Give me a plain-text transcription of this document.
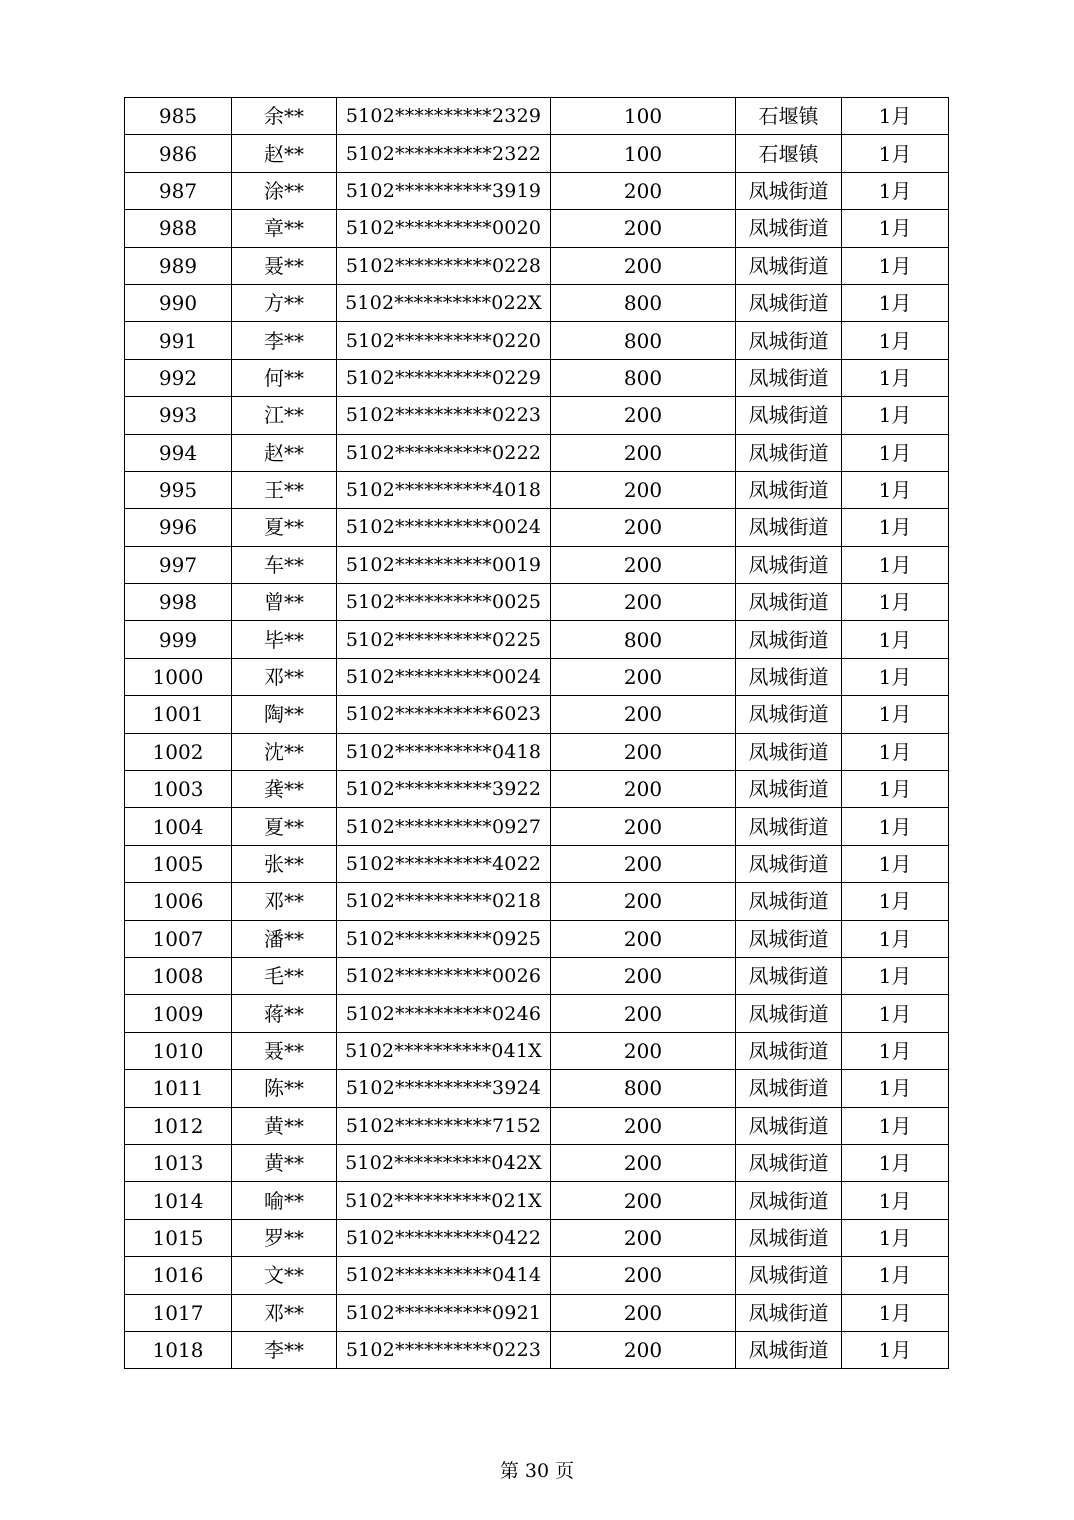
985	余**	5102**********2329	100	石堰镇	1月
986	赵**	5102**********2322	100	石堰镇	1月
987	涂**	5102**********3919	200	凤城街道	1月
988	章**	5102**********0020	200	凤城街道	1月
989	聂**	5102**********0228	200	凤城街道	1月
990	方**	5102**********022X	800	凤城街道	1月
991	李**	5102**********0220	800	凤城街道	1月
992	何**	5102**********0229	800	凤城街道	1月
993	江**	5102**********0223	200	凤城街道	1月
994	赵**	5102**********0222	200	凤城街道	1月
995	王**	5102**********4018	200	凤城街道	1月
996	夏**	5102**********0024	200	凤城街道	1月
997	车**	5102**********0019	200	凤城街道	1月
998	曾**	5102**********0025	200	凤城街道	1月
999	毕**	5102**********0225	800	凤城街道	1月
1000	邓**	5102**********0024	200	凤城街道	1月
1001	陶**	5102**********6023	200	凤城街道	1月
1002	沈**	5102**********0418	200	凤城街道	1月
1003	龚**	5102**********3922	200	凤城街道	1月
1004	夏**	5102**********0927	200	凤城街道	1月
1005	张**	5102**********4022	200	凤城街道	1月
1006	邓**	5102**********0218	200	凤城街道	1月
1007	潘**	5102**********0925	200	凤城街道	1月
1008	毛**	5102**********0026	200	凤城街道	1月
1009	蒋**	5102**********0246	200	凤城街道	1月
1010	聂**	5102**********041X	200	凤城街道	1月
1011	陈**	5102**********3924	800	凤城街道	1月
1012	黄**	5102**********7152	200	凤城街道	1月
1013	黄**	5102**********042X	200	凤城街道	1月
1014	喻**	5102**********021X	200	凤城街道	1月
1015	罗**	5102**********0422	200	凤城街道	1月
1016	文**	5102**********0414	200	凤城街道	1月
1017	邓**	5102**********0921	200	凤城街道	1月
1018	李**	5102**********0223	200	凤城街道	1月
第 30 页
